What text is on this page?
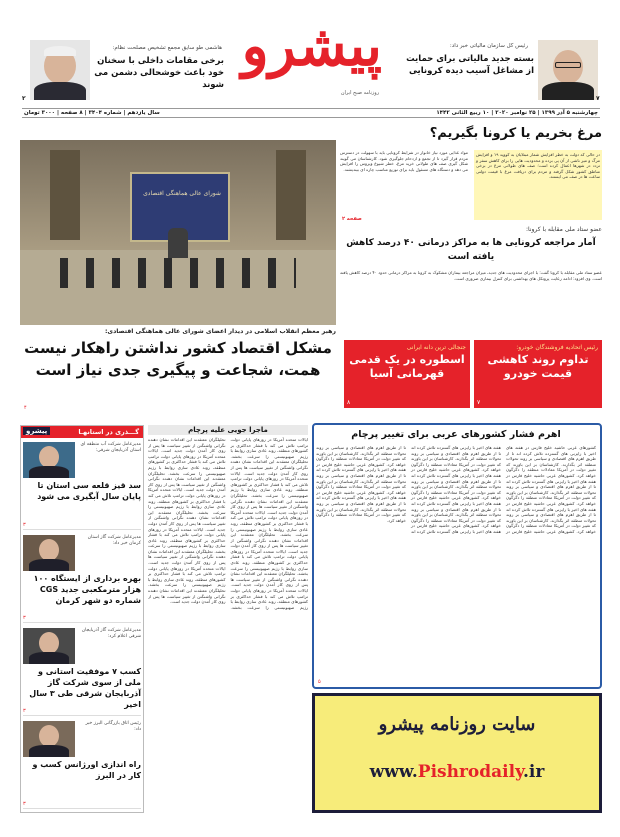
۲
هاشمی طو سایق مجمع تشخیص مصلحت نظام:
برخی مقامات داخلی با سخنان خود باعث خوشحالی دشمن می شوند
پیشرو
روزنامه صبح ایران
رئیس کل سازمان مالیاتی خبر داد:
بسته جدید مالیاتی برای حمایت از مشاغل آسیب دیده کرونایی
۷
چهارشنبه ۵ آذر ۱۳۹۹ | ۲۵ نوامبر ۲۰۲۰ | ۱۰ ربیع الثانی ۱۴۴۲
سال یازدهم | شماره ۳۴۰۴ | ۸ صفحه | ۳۰۰۰ تومان
مرغ بخریم یا کرونا بگیریم؟
در حالی که دولت به خطر افزایش شمار مبتلایان به کووید ۱۹ و افزایش مرگ و میر ناشی از آن پی برده و محدودیت هایی را برای کاهش سفر و تردد در شهرها اعمال کرده است؛ صف های طولانی مرغ در برخی مناطق کشور شکل گرفته و مردم برای دریافت مرغ با قیمت دولتی ساعت ها در صف می ایستند.
مواد غذایی مورد نیاز خانوار در شرایط کرونایی باید با سهولت در دسترس مردم قرار گیرد تا از تجمع و ازدحام جلوگیری شود. کارشناسان می گویند شکل گیری صف های طولانی خرید مرغ، خطر شیوع ویروس را افزایش می دهد و دستگاه های مسئول باید برای توزیع مناسب چاره ای بیندیشند.
صفحه ۲
عضو ستاد ملی مقابله با کرونا:
آمار مراجعه کرونایی ها به مراکز درمانی ۴۰ درصد کاهش یافته است
عضو ستاد ملی مقابله با کرونا گفت: با اجرای محدودیت های جدید، میزان مراجعه بیماران مشکوک به کرونا به مراکز درمانی حدود ۴۰ درصد کاهش یافته است. وی افزود: ادامه رعایت پروتکل های بهداشتی برای کنترل بیماری ضروری است.
شورای عالی هماهنگی اقتصادی
رهبر معظم انقلاب اسلامی در دیدار اعضای شورای عالی هماهنگی اقتصادی:
مشکل اقتصاد کشور نداشتن راهکار نیست
همت، شجاعت و پیگیری جدی نیاز است
۴
رئیس اتحادیه فروشندگان خودرو:
تداوم روند کاهشی قیمت خودرو
۷
جنجالی ترین دانه ایرانی
اسطوره در یک قدمی قهرمانی آسیا
۸
گـــذری در استانهـا
پیشرو
مدیرعامل شرکت آب منطقه ای استان آذربایجان شرقی:
سد قیز قلعه سی استان تا پایان سال آبگیری می شود
۳
مدیرعامل شرکت گاز استان کرمان خبر داد:
بهره برداری از ایستگاه ۱۰۰ هزار مترمکعبی جدید CGS شماره دو شهر کرمان
۳
مدیرعامل شرکت گاز آذربایجان شرقی اعلام کرد:
کسب ۷ موفقیت استانی و ملی از سوی شرکت گاز آذربایجان شرقی طی ۳ سال اخیر
۳
رئیس اتاق بازرگانی البرز خبر داد:
راه اندازی اورژانس کسب و کار در البرز
۳
ماجرا جویی علیه پرچام
ایالات متحده آمریکا در روزهای پایانی دولت ترامپ تلاش می کند با فشار حداکثری بر کشورهای منطقه، روند عادی سازی روابط با رژیم صهیونیستی را سرعت بخشد. تحلیلگران معتقدند این اقدامات نشان دهنده نگرانی واشنگتن از تغییر سیاست ها پس از روی کار آمدن دولت جدید است. ایالات متحده آمریکا در روزهای پایانی دولت ترامپ تلاش می کند با فشار حداکثری بر کشورهای منطقه، روند عادی سازی روابط با رژیم صهیونیستی را سرعت بخشد. تحلیلگران معتقدند این اقدامات نشان دهنده نگرانی واشنگتن از تغییر سیاست ها پس از روی کار آمدن دولت جدید است. ایالات متحده آمریکا در روزهای پایانی دولت ترامپ تلاش می کند با فشار حداکثری بر کشورهای منطقه، روند عادی سازی روابط با رژیم صهیونیستی را سرعت بخشد. تحلیلگران معتقدند این اقدامات نشان دهنده نگرانی واشنگتن از تغییر سیاست ها پس از روی کار آمدن دولت جدید است. ایالات متحده آمریکا در روزهای پایانی دولت ترامپ تلاش می کند با فشار حداکثری بر کشورهای منطقه، روند عادی سازی روابط با رژیم صهیونیستی را سرعت بخشد. تحلیلگران معتقدند این اقدامات نشان دهنده نگرانی واشنگتن از تغییر سیاست ها پس از روی کار آمدن دولت جدید است. ایالات متحده آمریکا در روزهای پایانی دولت ترامپ تلاش می کند با فشار حداکثری بر کشورهای منطقه، روند عادی سازی روابط با رژیم صهیونیستی را سرعت بخشد. تحلیلگران معتقدند این اقدامات نشان دهنده نگرانی واشنگتن از تغییر سیاست ها پس از روی کار آمدن دولت جدید است. ایالات متحده آمریکا در روزهای پایانی دولت ترامپ تلاش می کند با فشار حداکثری بر کشورهای منطقه، روند عادی سازی روابط با رژیم صهیونیستی را سرعت بخشد. تحلیلگران معتقدند این اقدامات نشان دهنده نگرانی واشنگتن از تغییر سیاست ها پس از روی کار آمدن دولت جدید است. ایالات متحده آمریکا در روزهای پایانی دولت ترامپ تلاش می کند با فشار حداکثری بر کشورهای منطقه، روند عادی سازی روابط با رژیم صهیونیستی را سرعت بخشد. تحلیلگران معتقدند این اقدامات نشان دهنده نگرانی واشنگتن از تغییر سیاست ها پس از روی کار آمدن دولت جدید است. ایالات متحده آمریکا در روزهای پایانی دولت ترامپ تلاش می کند با فشار حداکثری بر کشورهای منطقه، روند عادی سازی روابط با رژیم صهیونیستی را سرعت بخشد. تحلیلگران معتقدند این اقدامات نشان دهنده نگرانی واشنگتن از تغییر سیاست ها پس از روی کار آمدن دولت جدید است. ایالات متحده آمریکا در روزهای پایانی دولت ترامپ تلاش می کند با فشار حداکثری بر کشورهای منطقه، روند عادی سازی روابط با رژیم صهیونیستی را سرعت بخشد. تحلیلگران معتقدند این اقدامات نشان دهنده نگرانی واشنگتن از تغییر سیاست ها پس از روی کار آمدن دولت جدید است.
اهرم فشار کشورهای عربی برای تغییر پرچام
کشورهای عربی حاشیه خلیج فارس در هفته های اخیر با رایزنی های گسترده تلاش کرده اند تا از طریق اهرم های اقتصادی و سیاسی بر روند تحولات منطقه اثر بگذارند. کارشناسان بر این باورند که تغییر دولت در آمریکا معادلات منطقه را دگرگون خواهد کرد. کشورهای عربی حاشیه خلیج فارس در هفته های اخیر با رایزنی های گسترده تلاش کرده اند تا از طریق اهرم های اقتصادی و سیاسی بر روند تحولات منطقه اثر بگذارند. کارشناسان بر این باورند که تغییر دولت در آمریکا معادلات منطقه را دگرگون خواهد کرد. کشورهای عربی حاشیه خلیج فارس در هفته های اخیر با رایزنی های گسترده تلاش کرده اند تا از طریق اهرم های اقتصادی و سیاسی بر روند تحولات منطقه اثر بگذارند. کارشناسان بر این باورند که تغییر دولت در آمریکا معادلات منطقه را دگرگون خواهد کرد. کشورهای عربی حاشیه خلیج فارس در هفته های اخیر با رایزنی های گسترده تلاش کرده اند تا از طریق اهرم های اقتصادی و سیاسی بر روند تحولات منطقه اثر بگذارند. کارشناسان بر این باورند که تغییر دولت در آمریکا معادلات منطقه را دگرگون خواهد کرد. کشورهای عربی حاشیه خلیج فارس در هفته های اخیر با رایزنی های گسترده تلاش کرده اند تا از طریق اهرم های اقتصادی و سیاسی بر روند تحولات منطقه اثر بگذارند. کارشناسان بر این باورند که تغییر دولت در آمریکا معادلات منطقه را دگرگون خواهد کرد. کشورهای عربی حاشیه خلیج فارس در هفته های اخیر با رایزنی های گسترده تلاش کرده اند تا از طریق اهرم های اقتصادی و سیاسی بر روند تحولات منطقه اثر بگذارند. کارشناسان بر این باورند که تغییر دولت در آمریکا معادلات منطقه را دگرگون خواهد کرد. کشورهای عربی حاشیه خلیج فارس در هفته های اخیر با رایزنی های گسترده تلاش کرده اند تا از طریق اهرم های اقتصادی و سیاسی بر روند تحولات منطقه اثر بگذارند. کارشناسان بر این باورند که تغییر دولت در آمریکا معادلات منطقه را دگرگون خواهد کرد. کشورهای عربی حاشیه خلیج فارس در هفته های اخیر با رایزنی های گسترده تلاش کرده اند تا از طریق اهرم های اقتصادی و سیاسی بر روند تحولات منطقه اثر بگذارند. کارشناسان بر این باورند که تغییر دولت در آمریکا معادلات منطقه را دگرگون خواهد کرد. کشورهای عربی حاشیه خلیج فارس در هفته های اخیر با رایزنی های گسترده تلاش کرده اند تا از طریق اهرم های اقتصادی و سیاسی بر روند تحولات منطقه اثر بگذارند. کارشناسان بر این باورند که تغییر دولت در آمریکا معادلات منطقه را دگرگون خواهد کرد.
۵
سایت روزنامه پیشرو
www.Pishrodaily.ir
